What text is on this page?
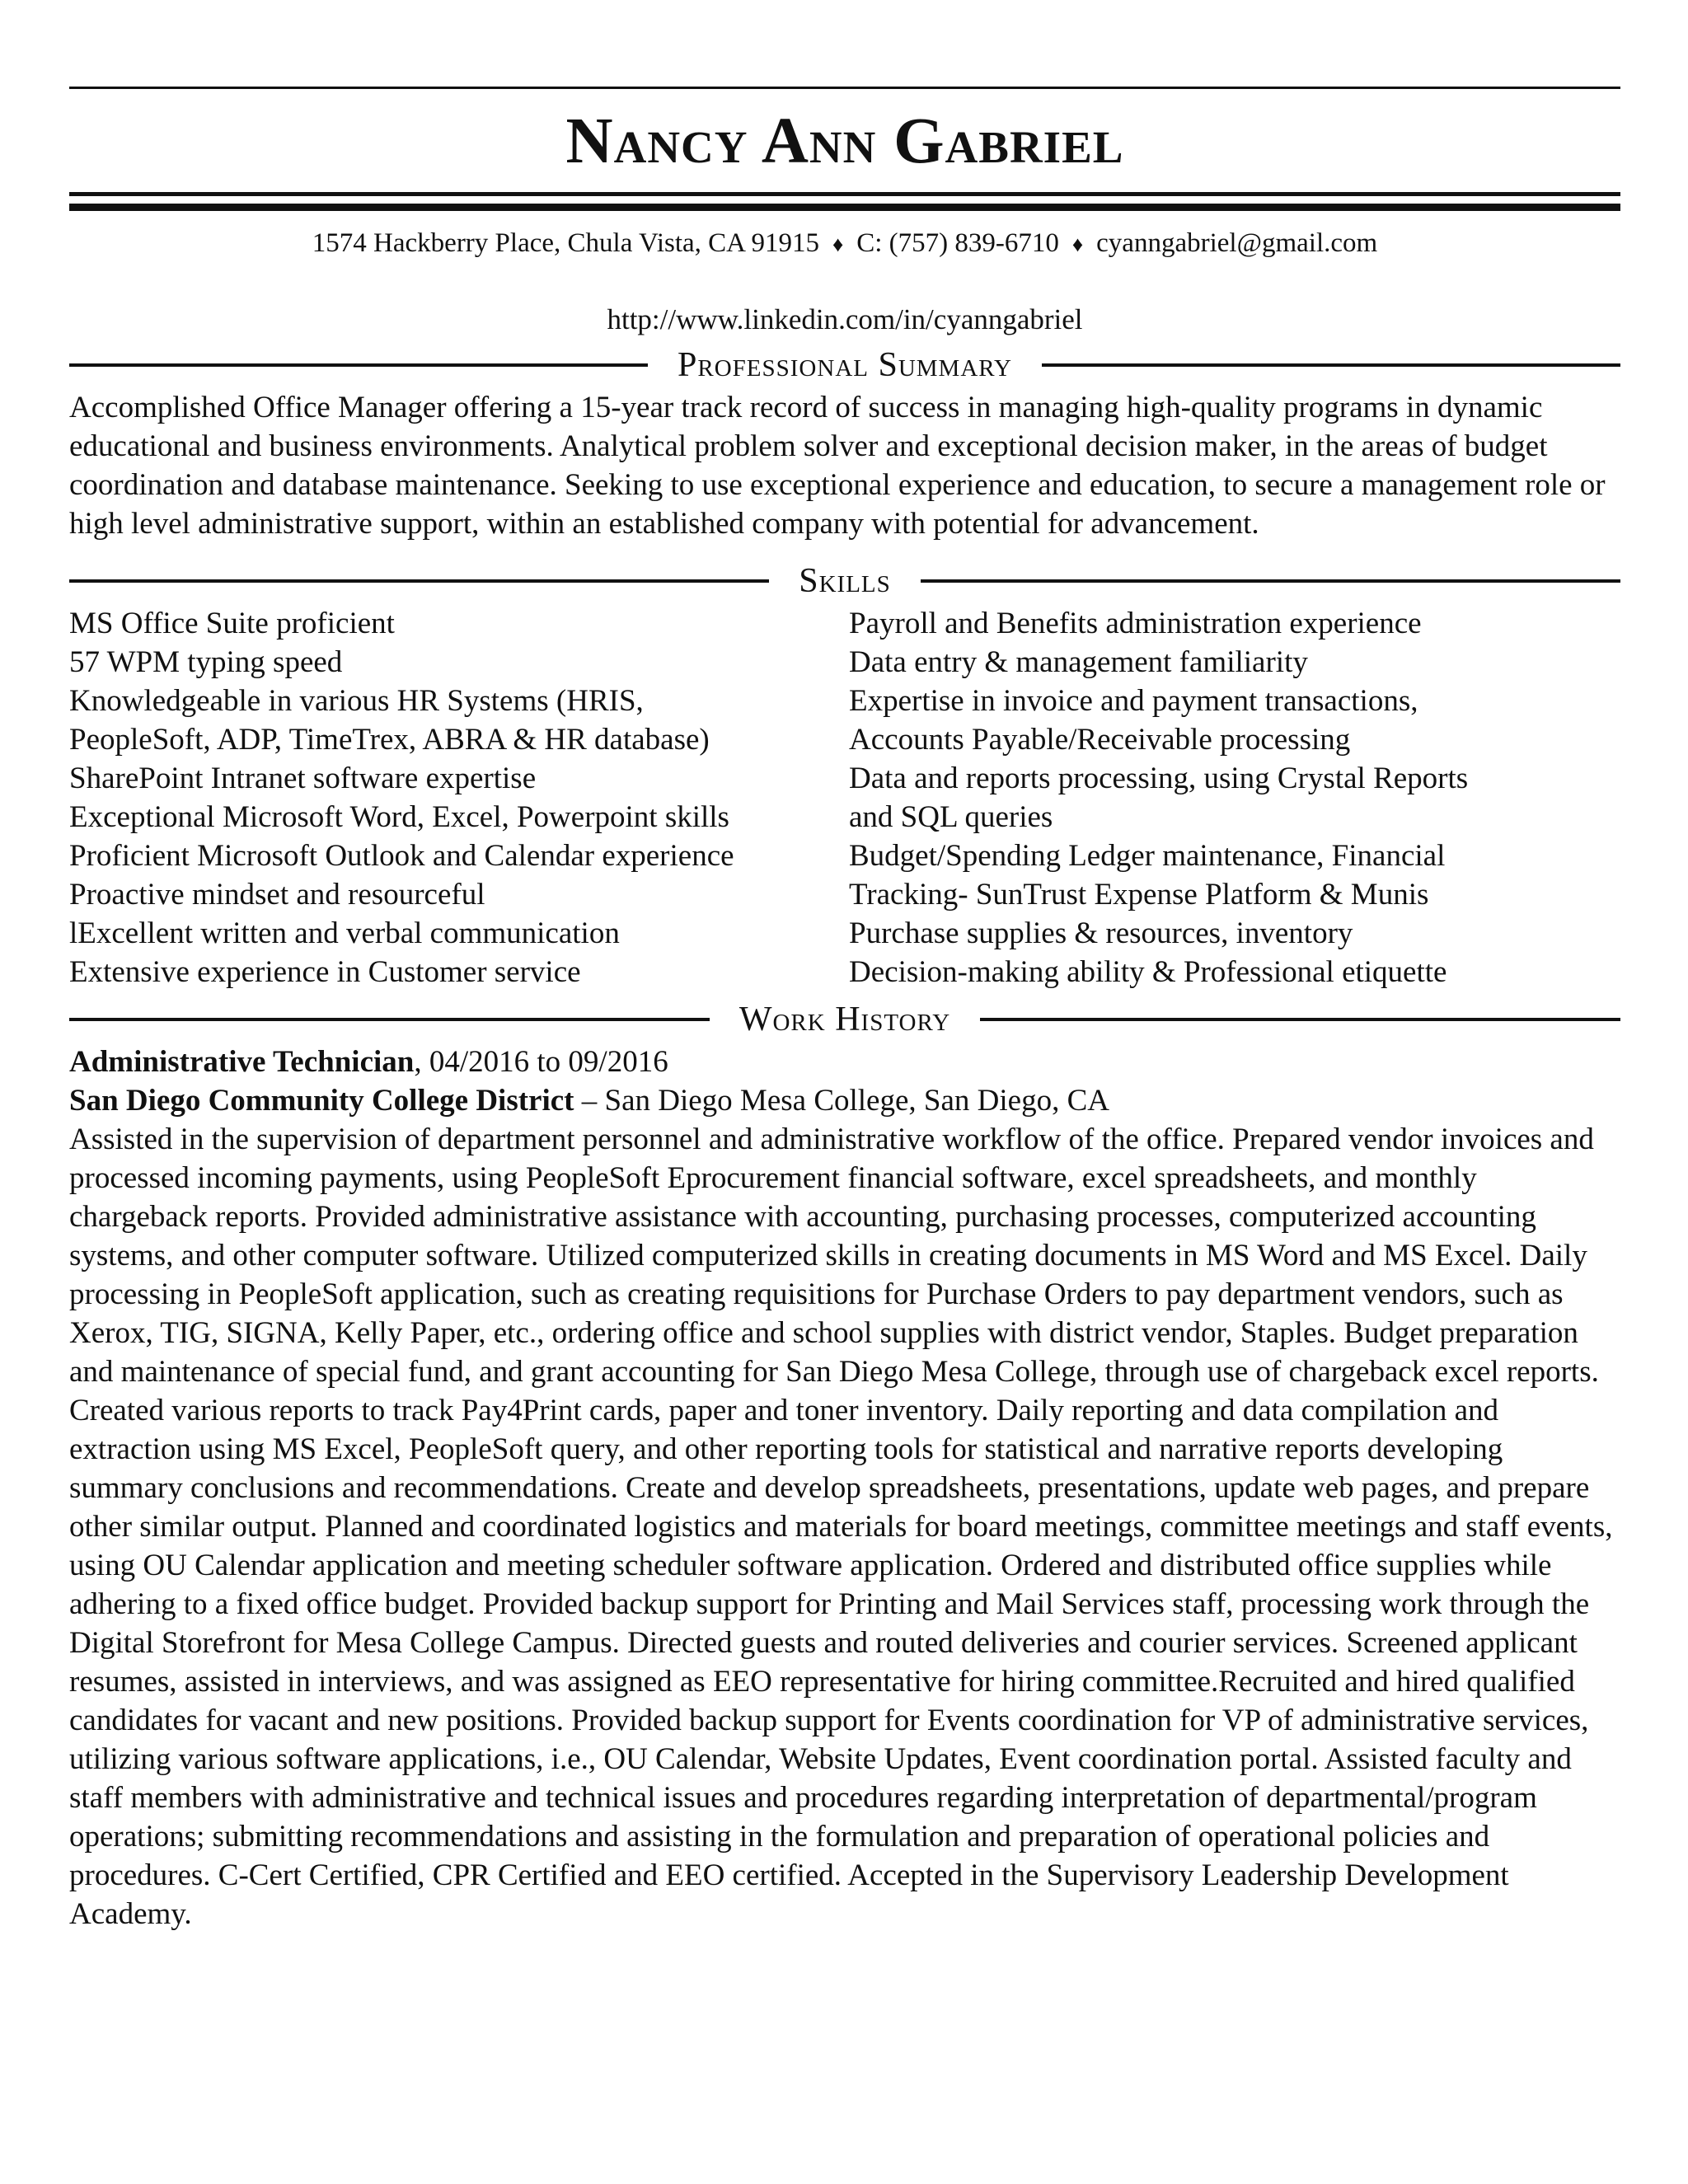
Nancy Ann Gabriel
1574 Hackberry Place, Chula Vista, CA 91915 ♦ C: (757) 839-6710 ♦ cyanngabriel@gmail.com
http://www.linkedin.com/in/cyanngabriel
Professional Summary
Accomplished Office Manager offering a 15-year track record of success in managing high-quality programs in dynamic educational and business environments. Analytical problem solver and exceptional decision maker, in the areas of budget coordination and database maintenance. Seeking to use exceptional experience and education, to secure a management role or high level administrative support, within an established company with potential for advancement.
Skills
MS Office Suite proficient
57 WPM typing speed
Knowledgeable in various HR Systems (HRIS,
PeopleSoft, ADP, TimeTrex, ABRA & HR database)
SharePoint Intranet software expertise
Exceptional Microsoft Word, Excel, Powerpoint skills
Proficient Microsoft Outlook and Calendar experience
Proactive mindset and resourceful
lExcellent written and verbal communication
Extensive experience in Customer service
Payroll and Benefits administration experience
Data entry & management familiarity
Expertise in invoice and payment transactions,
Accounts Payable/Receivable processing
Data and reports processing, using Crystal Reports
and SQL queries
Budget/Spending Ledger maintenance, Financial
Tracking- SunTrust Expense Platform & Munis
Purchase supplies & resources, inventory
Decision-making ability & Professional etiquette
Work History
Administrative Technician, 04/2016 to 09/2016
San Diego Community College District – San Diego Mesa College, San Diego, CA
Assisted in the supervision of department personnel and administrative workflow of the office. Prepared vendor invoices and processed incoming payments, using PeopleSoft Eprocurement financial software, excel spreadsheets, and monthly chargeback reports. Provided administrative assistance with accounting, purchasing processes, computerized accounting systems, and other computer software. Utilized computerized skills in creating documents in MS Word and MS Excel. Daily processing in PeopleSoft application, such as creating requisitions for Purchase Orders to pay department vendors, such as Xerox, TIG, SIGNA, Kelly Paper, etc., ordering office and school supplies with district vendor, Staples. Budget preparation and maintenance of special fund, and grant accounting for San Diego Mesa College, through use of chargeback excel reports. Created various reports to track Pay4Print cards, paper and toner inventory. Daily reporting and data compilation and extraction using MS Excel, PeopleSoft query, and other reporting tools for statistical and narrative reports developing summary conclusions and recommendations. Create and develop spreadsheets, presentations, update web pages, and prepare other similar output. Planned and coordinated logistics and materials for board meetings, committee meetings and staff events, using OU Calendar application and meeting scheduler software application. Ordered and distributed office supplies while adhering to a fixed office budget. Provided backup support for Printing and Mail Services staff, processing work through the Digital Storefront for Mesa College Campus. Directed guests and routed deliveries and courier services. Screened applicant resumes, assisted in interviews, and was assigned as EEO representative for hiring committee.Recruited and hired qualified candidates for vacant and new positions. Provided backup support for Events coordination for VP of administrative services, utilizing various software applications, i.e., OU Calendar, Website Updates, Event coordination portal. Assisted faculty and staff members with administrative and technical issues and procedures regarding interpretation of departmental/program operations; submitting recommendations and assisting in the formulation and preparation of operational policies and procedures. C-Cert Certified, CPR Certified and EEO certified. Accepted in the Supervisory Leadership Development Academy.
